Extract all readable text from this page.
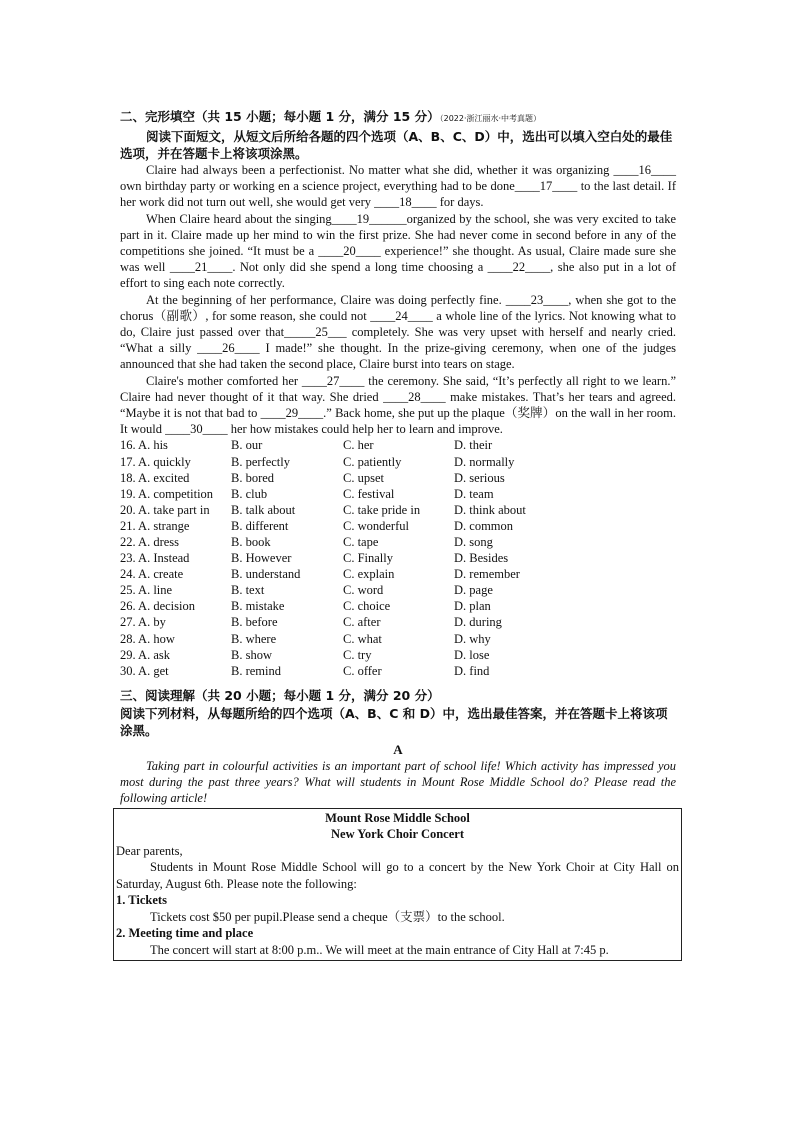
二、完形填空（共 15 小题；每小题 1 分，满分 15 分）（2022·浙江丽水·中考真题）

阅读下面短文，从短文后所给各题的四个选项（A、B、C、D）中，选出可以填入空白处的最佳选项，并在答题卡上将该项涂黑。

Claire had always been a perfectionist. No matter what she did, whether it was organizing ____16____ own birthday party or working en a science project, everything had to be done____17____ to the last detail. If her work did not turn out well, she would get very ____18____ for days.

When Claire heard about the singing____19______organized by the school, she was very excited to take part in it. Claire made up her mind to win the first prize. She had never come in second before in any of the competitions she joined. “It must be a ____20____ experience!” she thought. As usual, Claire made sure she was well ____21____. Not only did she spend a long time choosing a ____22____, she also put in a lot of effort to sing each note correctly.

At the beginning of her performance, Claire was doing perfectly fine. ____23____, when she got to the chorus（副歌）, for some reason, she could not ____24____ a whole line of the lyrics. Not knowing what to do, Claire just passed over that_____25___ completely. She was very upset with herself and nearly cried. “What a silly ____26____ I made!” she thought. In the prize-giving ceremony, when one of the judges announced that she had taken the second place, Claire burst into tears on stage.

Claire's mother comforted her ____27____ the ceremony. She said, “It’s perfectly all right to we learn.” Claire had never thought of it that way. She dried ____28____ make mistakes. That’s her tears and agreed. “Maybe it is not that bad to ____29____.” Back home, she put up the plaque（奖牌）on the wall in her room. It would ____30____ her how mistakes could help her to learn and improve.

16. A. his	B. our	C. her	D. their
17. A. quickly	B. perfectly	C. patiently	D. normally
18. A. excited	B. bored	C. upset	D. serious
19. A. competition	B. club	C. festival	D. team
20. A. take part in	B. talk about	C. take pride in	D. think about
21. A. strange	B. different	C. wonderful	D. common
22. A. dress	B. book	C. tape	D. song
23. A. Instead	B. However	C. Finally	D. Besides
24. A. create	B. understand	C. explain	D. remember
25. A. line	B. text	C. word	D. page
26. A. decision	B. mistake	C. choice	D. plan
27. A. by	B. before	C. after	D. during
28. A. how	B. where	C. what	D. why
29. A. ask	B. show	C. try	D. lose
30. A. get	B. remind	C. offer	D. find

三、阅读理解（共 20 小题；每小题 1 分，满分 20 分）

阅读下列材料，从每题所给的四个选项（A、B、C 和 D）中，选出最佳答案，并在答题卡上将该项涂黑。

A

Taking part in colourful activities is an important part of school life! Which activity has impressed you most during the past three years? What will students in Mount Rose Middle School do? Please read the following article!

Mount Rose Middle School

New York Choir Concert

Dear parents,

Students in Mount Rose Middle School will go to a concert by the New York Choir at City Hall on Saturday, August 6th. Please note the following:

1. Tickets

Tickets cost $50 per pupil.Please send a cheque（支票）to the school.

2. Meeting time and place

The concert will start at 8:00 p.m.. We will meet at the main entrance of City Hall at 7:45 p.
